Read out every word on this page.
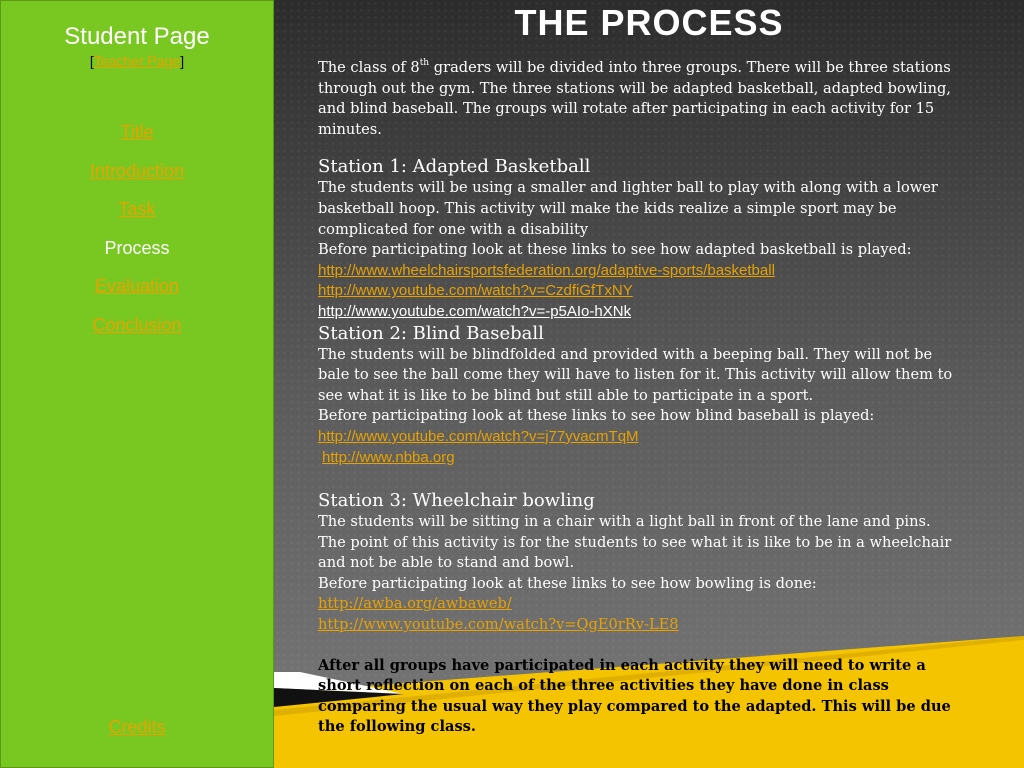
Student Page
[Teacher Page]
Title
Introduction
Task
Process
Evaluation
Conclusion
Credits
THE PROCESS

The class of 8th graders will be divided into three groups. There will be three stations through out the gym. The three stations will be adapted basketball, adapted bowling, and blind baseball. The groups will rotate after participating in each activity for 15 minutes.

Station 1: Adapted Basketball

The students will be using a smaller and lighter ball to play with along with a lower basketball hoop. This activity will make the kids realize a simple sport may be complicated for one with a disability

Before participating look at these links to see how adapted basketball is played:

http://www.wheelchairsportsfederation.org/adaptive-sports/basketball

http://www.youtube.com/watch?v=CzdfiGfTxNY

http://www.youtube.com/watch?v=-p5AIo-hXNk

Station 2: Blind Baseball

The students will be blindfolded and provided with a beeping ball. They will not be bale to see the ball come they will have to listen for it. This activity will allow them to see what it is like to be blind but still able to participate in a sport.

Before participating look at these links to see how blind baseball is played:

http://www.youtube.com/watch?v=j77yvacmTqM

http://www.nbba.org

Station 3: Wheelchair bowling

The students will be sitting in a chair with a light ball in front of the lane and pins. The point of this activity is for the students to see what it is like to be in a wheelchair and not be able to stand and bowl.

Before participating look at these links to see how bowling is done:

http://awba.org/awbaweb/

http://www.youtube.com/watch?v=QgE0rRv-LE8

After all groups have participated in each activity they will need to write a short reflection on each of the three activities they have done in class comparing the usual way they play compared to the adapted. This will be due the following class.
